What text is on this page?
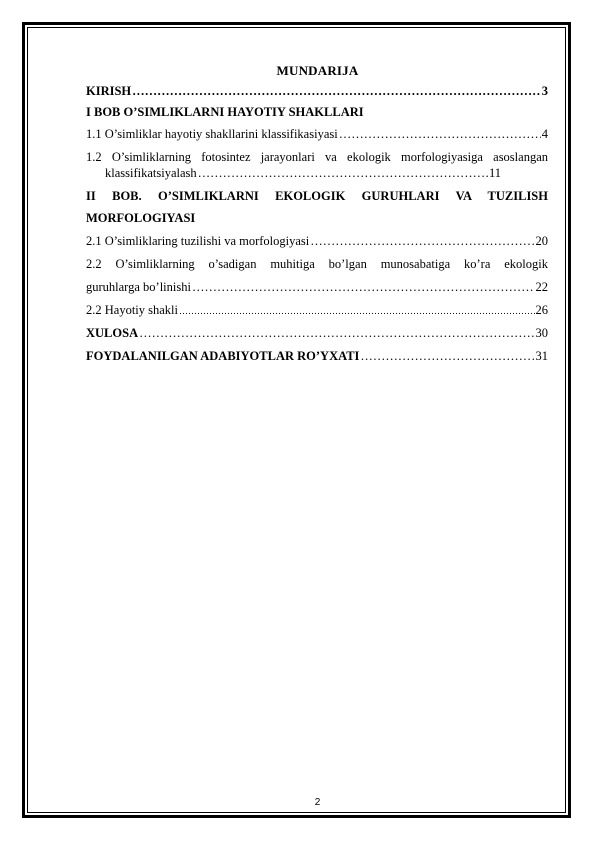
MUNDARIJA
KIRISH …………………………………………………………………………………………………………………………………………………………………………………………	3
I BOB O’SIMLIKLARNI HAYOTIY SHAKLLARI
1.1 O’simliklar hayotiy shakllarini klassifikasiyasi …………………………………………………………………………………………………………………………………………………………………………………………	4
1.2 O’simliklarning fotosintez jarayonlari va ekologik morfologiyasiga asoslangan
klassifikatsiyalash …………………………………………………………………………………………………………………………………………………………………………………………	11
II BOB. O’SIMLIKLARNI EKOLOGIK GURUHLARI VA TUZILISH
MORFOLOGIYASI
2.1 O’simliklaring tuzilishi va morfologiyasi …………………………………………………………………………………………………………………………………………………………………………………………	20
2.2 O’simliklarning o’sadigan muhitiga bo’lgan munosabatiga ko’ra ekologik
guruhlarga bo’linishi …………………………………………………………………………………………………………………………………………………………………………………………	22
2.2 Hayotiy shakli …………………………………………………………………………………………………………………………………………………………………………………………	26
XULOSA …………………………………………………………………………………………………………………………………………………………………………………………	30
FOYDALANILGAN ADABIYOTLAR RO’YXATI …………………………………………………………………………………………………………………………………………………………………………………………	31
2
